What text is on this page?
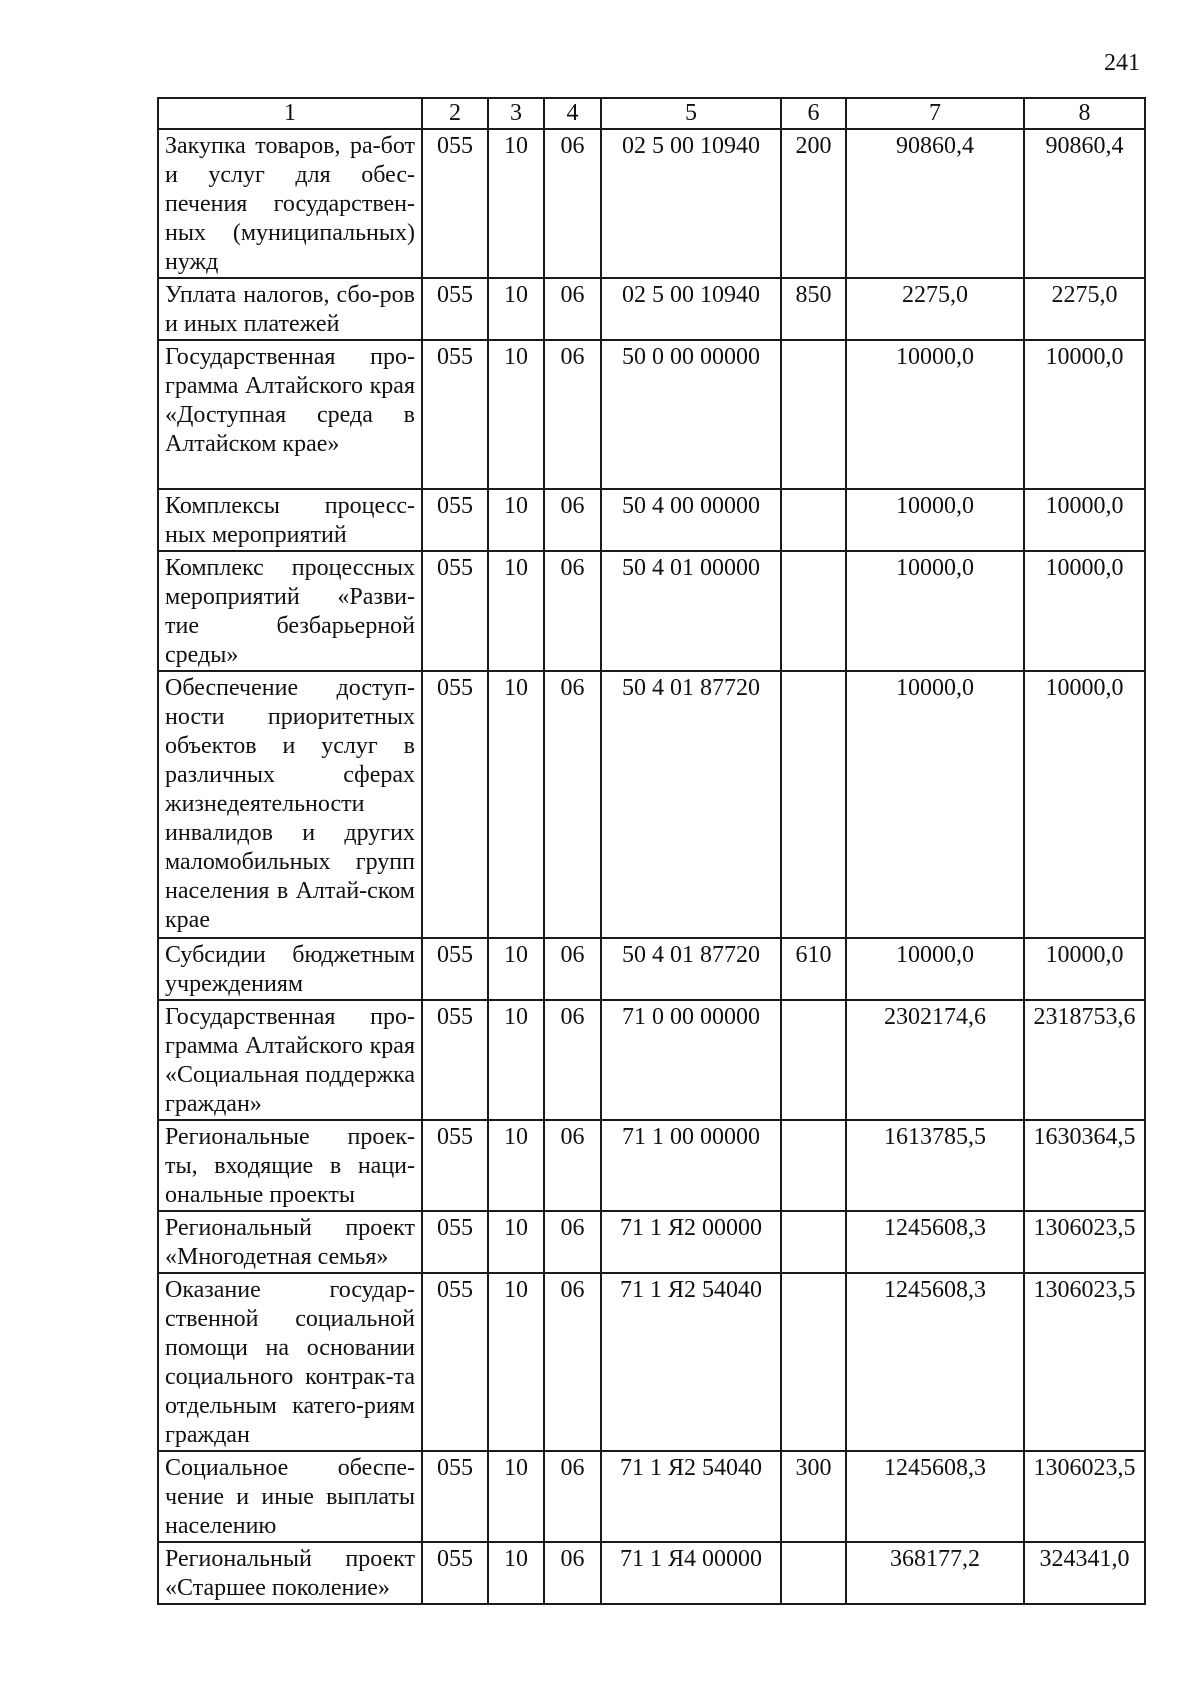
241
1	2	3	4	5	6	7	8
Закупка товаров, ра-бот и услуг для обес-печения государствен-ных (муниципальных) нужд	055	10	06	02 5 00 10940	200	90860,4	90860,4
Уплата налогов, сбо-ров и иных платежей	055	10	06	02 5 00 10940	850	2275,0	2275,0
Государственная про-грамма Алтайского края «Доступная среда в Алтайском крае»	055	10	06	50 0 00 00000		10000,0	10000,0
Комплексы процесс-ных мероприятий	055	10	06	50 4 00 00000		10000,0	10000,0
Комплекс процессных мероприятий «Разви-тие безбарьерной среды»	055	10	06	50 4 01 00000		10000,0	10000,0
Обеспечение доступ-ности приоритетных объектов и услуг в различных сферах жизнедеятельности инвалидов и других маломобильных групп населения в Алтай-ском крае	055	10	06	50 4 01 87720		10000,0	10000,0
Субсидии бюджетным учреждениям	055	10	06	50 4 01 87720	610	10000,0	10000,0
Государственная про-грамма Алтайского края «Социальная поддержка граждан»	055	10	06	71 0 00 00000		2302174,6	2318753,6
Региональные проек-ты, входящие в наци-ональные проекты	055	10	06	71 1 00 00000		1613785,5	1630364,5
Региональный проект «Многодетная семья»	055	10	06	71 1 Я2 00000		1245608,3	1306023,5
Оказание государ-ственной социальной помощи на основании социального контрак-та отдельным катего-риям граждан	055	10	06	71 1 Я2 54040		1245608,3	1306023,5
Социальное обеспе-чение и иные выплаты населению	055	10	06	71 1 Я2 54040	300	1245608,3	1306023,5
Региональный проект «Старшее поколение»	055	10	06	71 1 Я4 00000		368177,2	324341,0
